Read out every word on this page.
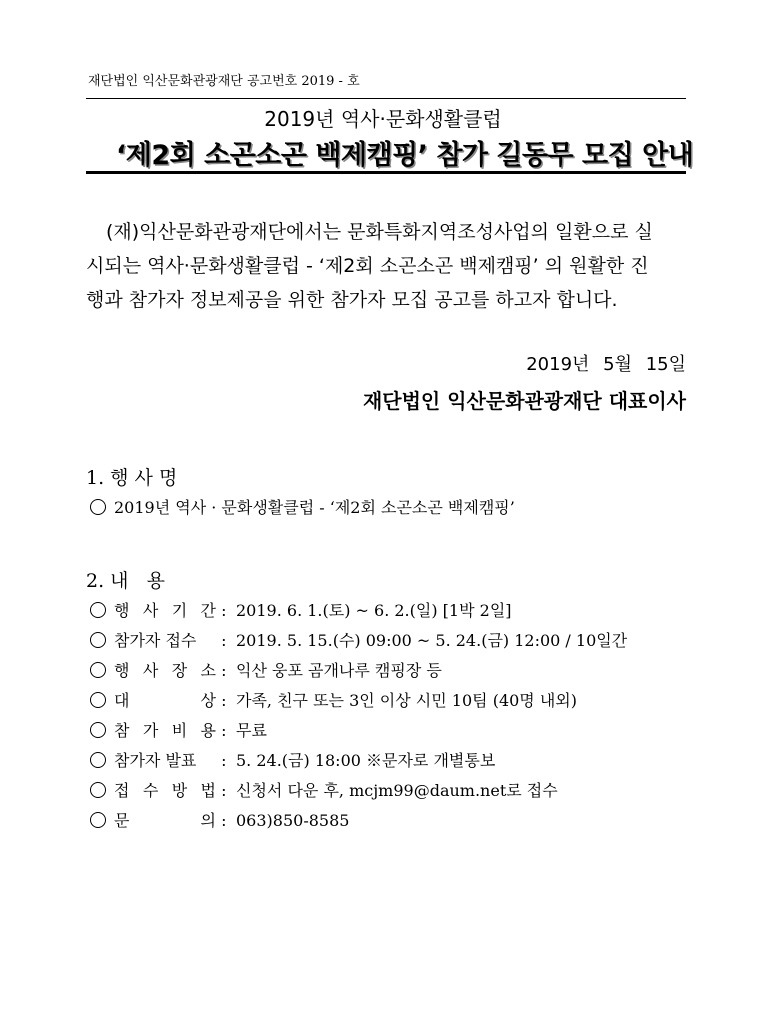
재단법인 익산문화관광재단 공고번호 2019 - 호
2019년 역사·문화생활클럽
‘제2회 소곤소곤 백제캠핑’ 참가 길동무 모집 안내

(재)익산문화관광재단에서는 문화특화지역조성사업의 일환으로 실

시되는 역사·문화생활클럽 - ‘제2회 소곤소곤 백제캠핑’ 의 원활한 진

행과 참가자 정보제공을 위한 참가자 모집 공고를 하고자 합니다.

2019년 5월 15일
재단법인 익산문화관광재단 대표이사
1. 행 사 명
2019년 역사 · 문화생활클럽 - ‘제2회 소곤소곤 백제캠핑’
2. 내   용
행 사 기 간 : 2019. 6. 1.(토) ~ 6. 2.(일) [1박 2일]
참가자 접수 : 2019. 5. 15.(수) 09:00 ~ 5. 24.(금) 12:00 / 10일간
행 사 장 소 : 익산 웅포 곰개나루 캠핑장 등
대	상 : 가족, 친구 또는 3인 이상 시민 10팀 (40명 내외)
참 가 비 용 : 무료
참가자 발표 : 5. 24.(금) 18:00 ※문자로 개별통보
접 수 방 법 : 신청서 다운 후, mcjm99@daum.net로 접수
문	의 : 063)850-8585
